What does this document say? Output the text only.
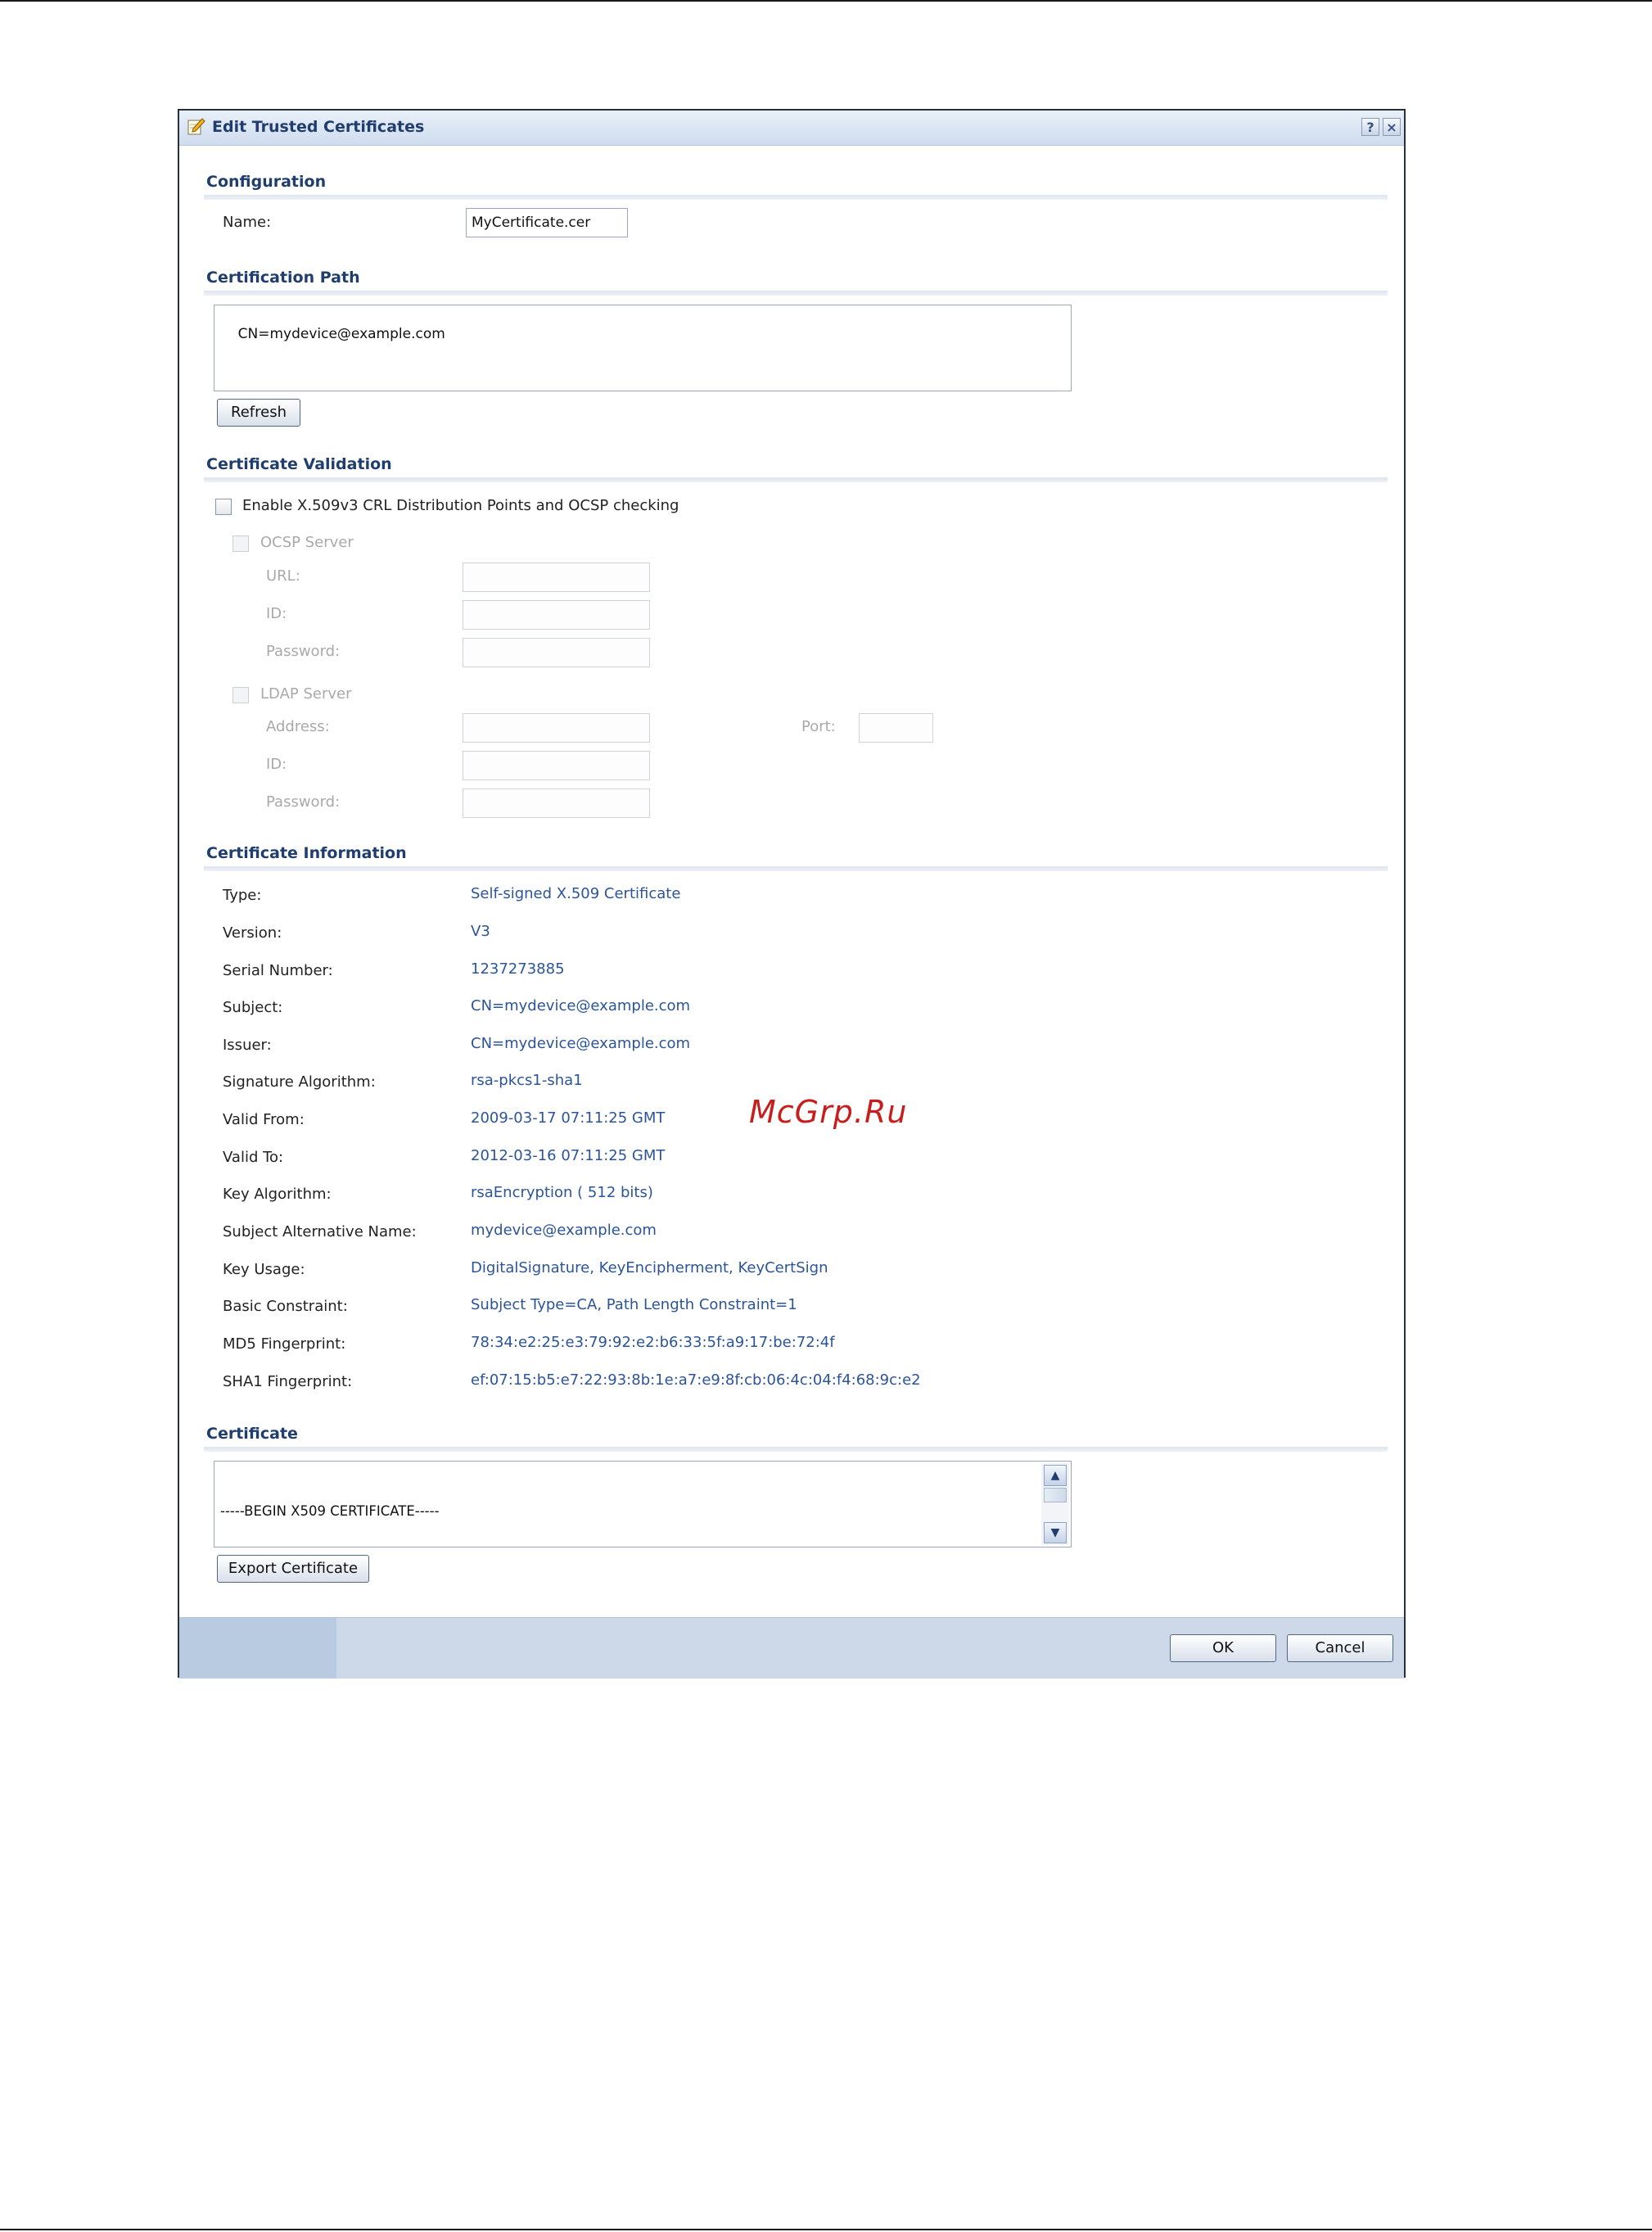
Edit Trusted Certificates	? ×
Configuration
Name:
MyCertificate.cer
Certification Path

CN=mydevice@example.com

Refresh
Certificate Validation
Enable X.509v3 CRL Distribution Points and OCSP checking
OCSP Server
URL:
ID:
Password:
LDAP Server
Address:	Port:
ID:
Password:
Certificate Information
Type:	Self-signed X.509 Certificate
Version:	V3
Serial Number:	1237273885
Subject:	CN=mydevice@example.com
Issuer:	CN=mydevice@example.com
Signature Algorithm:	rsa-pkcs1-sha1
Valid From:	2009-03-17 07:11:25 GMT
Valid To:	2012-03-16 07:11:25 GMT
Key Algorithm:	rsaEncryption ( 512 bits)
Subject Alternative Name:	mydevice@example.com
Key Usage:	DigitalSignature, KeyEncipherment, KeyCertSign
Basic Constraint:	Subject Type=CA, Path Length Constraint=1
MD5 Fingerprint:	78:34:e2:25:e3:79:92:e2:b6:33:5f:a9:17:be:72:4f
SHA1 Fingerprint:	ef:07:15:b5:e7:22:93:8b:1e:a7:e9:8f:cb:06:4c:04:f4:68:9c:e2
Certificate

-----BEGIN X509 CERTIFICATE-----

▲

▼

Export Certificate
OK	Cancel
McGrp.Ru
